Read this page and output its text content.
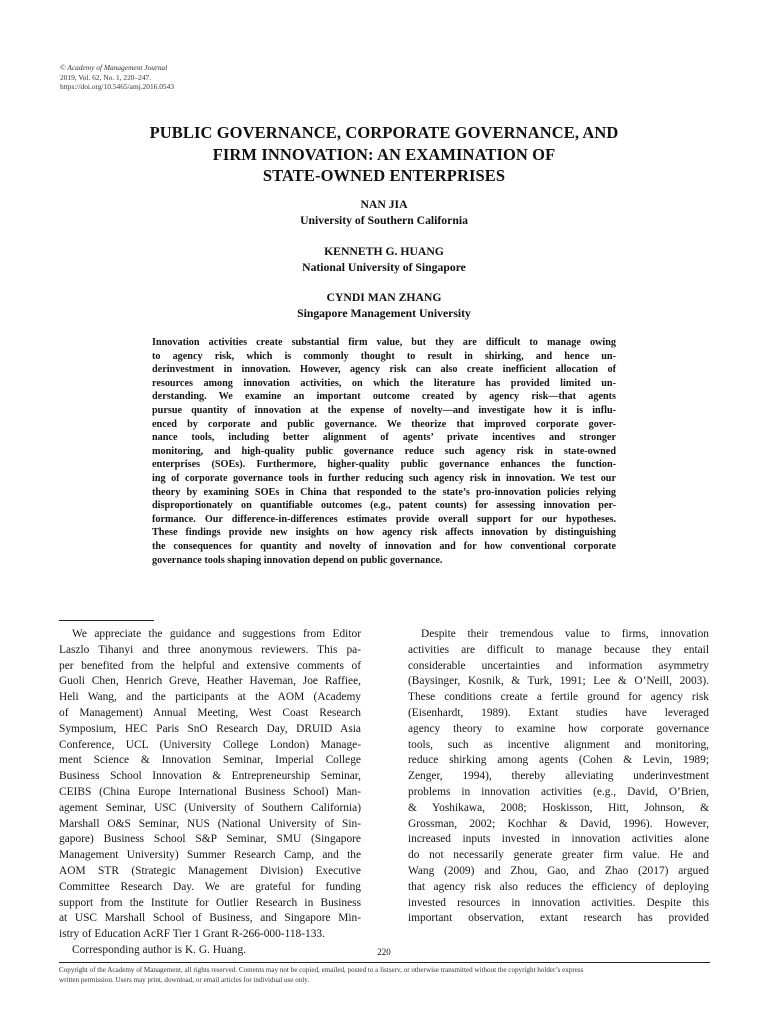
© Academy of Management Journal
2019, Vol. 62, No. 1, 220–247.
https://doi.org/10.5465/amj.2016.0543
PUBLIC GOVERNANCE, CORPORATE GOVERNANCE, AND
FIRM INNOVATION: AN EXAMINATION OF
STATE-OWNED ENTERPRISES
NAN JIA
University of Southern California
KENNETH G. HUANG
National University of Singapore
CYNDI MAN ZHANG
Singapore Management University
Innovation activities create substantial firm value, but they are difficult to manage owing
to agency risk, which is commonly thought to result in shirking, and hence un-
derinvestment in innovation. However, agency risk can also create inefficient allocation of
resources among innovation activities, on which the literature has provided limited un-
derstanding. We examine an important outcome created by agency risk—that agents
pursue quantity of innovation at the expense of novelty—and investigate how it is influ-
enced by corporate and public governance. We theorize that improved corporate gover-
nance tools, including better alignment of agents’ private incentives and stronger
monitoring, and high-quality public governance reduce such agency risk in state-owned
enterprises (SOEs). Furthermore, higher-quality public governance enhances the function-
ing of corporate governance tools in further reducing such agency risk in innovation. We test our
theory by examining SOEs in China that responded to the state’s pro-innovation policies relying
disproportionately on quantifiable outcomes (e.g., patent counts) for assessing innovation per-
formance. Our difference-in-differences estimates provide overall support for our hypotheses.
These findings provide new insights on how agency risk affects innovation by distinguishing
the consequences for quantity and novelty of innovation and for how conventional corporate
governance tools shaping innovation depend on public governance.
We appreciate the guidance and suggestions from Editor
Laszlo Tihanyi and three anonymous reviewers. This pa-
per benefited from the helpful and extensive comments of
Guoli Chen, Henrich Greve, Heather Haveman, Joe Raffiee,
Heli Wang, and the participants at the AOM (Academy
of Management) Annual Meeting, West Coast Research
Symposium, HEC Paris SnO Research Day, DRUID Asia
Conference, UCL (University College London) Manage-
ment Science & Innovation Seminar, Imperial College
Business School Innovation & Entrepreneurship Seminar,
CEIBS (China Europe International Business School) Man-
agement Seminar, USC (University of Southern California)
Marshall O&S Seminar, NUS (National University of Sin-
gapore) Business School S&P Seminar, SMU (Singapore
Management University) Summer Research Camp, and the
AOM STR (Strategic Management Division) Executive
Committee Research Day. We are grateful for funding
support from the Institute for Outlier Research in Business
at USC Marshall School of Business, and Singapore Min-
istry of Education AcRF Tier 1 Grant R-266-000-118-133.
Corresponding author is K. G. Huang.
Despite their tremendous value to firms, innovation
activities are difficult to manage because they entail
considerable uncertainties and information asymmetry
(Baysinger, Kosnik, & Turk, 1991; Lee & O’Neill, 2003).
These conditions create a fertile ground for agency risk
(Eisenhardt, 1989). Extant studies have leveraged
agency theory to examine how corporate governance
tools, such as incentive alignment and monitoring,
reduce shirking among agents (Cohen & Levin, 1989;
Zenger, 1994), thereby alleviating underinvestment
problems in innovation activities (e.g., David, O’Brien,
& Yoshikawa, 2008; Hoskisson, Hitt, Johnson, &
Grossman, 2002; Kochhar & David, 1996). However,
increased inputs invested in innovation activities alone
do not necessarily generate greater firm value. He and
Wang (2009) and Zhou, Gao, and Zhao (2017) argued
that agency risk also reduces the efficiency of deploying
invested resources in innovation activities. Despite this
important observation, extant research has provided
220
Copyright of the Academy of Management, all rights reserved. Contents may not be copied, emailed, posted to a listserv, or otherwise transmitted without the copyright holder’s express
written permission. Users may print, download, or email articles for individual use only.
